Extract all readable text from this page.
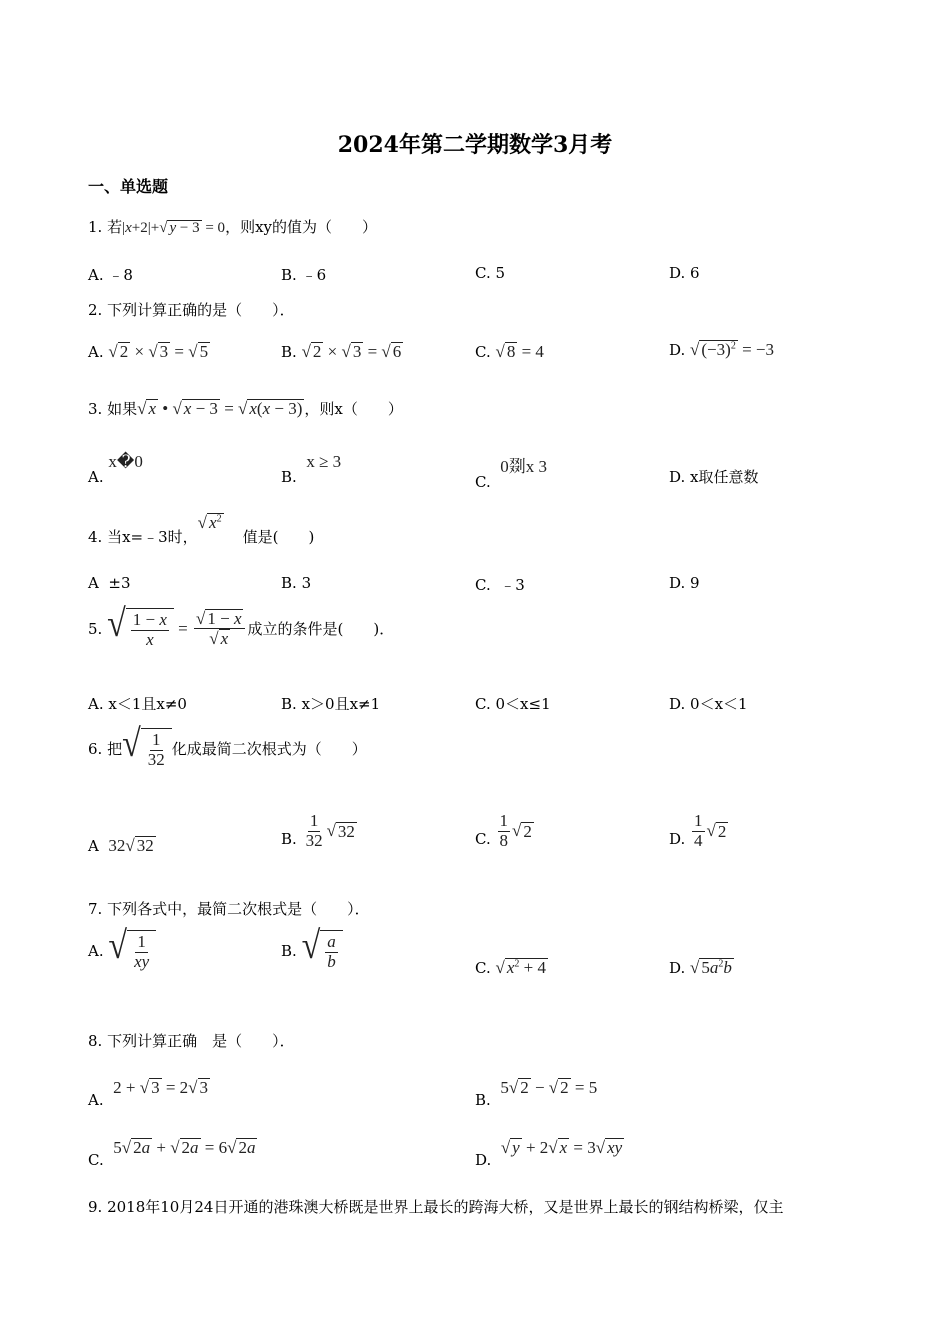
2024年第二学期数学3月考
一、单选题
1. 若|x+2|+√ y − 3 = 0，则xy的值为（　　）
A. ﹣8	B. ﹣6	C. 5	D. 6
2. 下列计算正确的是（　　）．
A. √ 2 × √ 3 = √ 5	B. √ 2 × √ 3 = √ 6	C. √ 8 = 4	D. √ $(-3)^2 = -3$
3. 如果√ x • √ x − 3 = √ x(x − 3) ，则x（　　）
A. x�0
B.  x ≥ 3
C.  0剟x 3
D. x取任意数
4. 当x=﹣3时，√ $x^2$    值是(　　)
A ±3	B. 3	C. ﹣3	D. 9
5.
√ $\frac{1 - x}{x} = \frac{√ 1 - x}{√ x}$ 成立的条件是(　　)．
A. x＜1且x≠0	B. x＞0且x≠1	C. 0＜x≤1	D. 0＜x＜1
6.
把 √ $\frac{1}{32}$ 化成最简二次根式为（　　）
A 32√ 32	B.
$\frac{1}{32}$ √ 32	C.
$\frac{1}{8}$ √ 2	D.
$\frac{1}{4}$ √ 2
7. 下列各式中，最简二次根式是（　　）．
A.
√ $\frac{1}{xy}$	B.
√ $\frac{a}{b}$	C. √ $x^2 + 4$	D. √ $5a^2b$
8. 下列计算正确　是（　　）．
A.  2 + √ 3 = 2√ 3
B.  5√ 2 − √ 2 = 5
C.  5√ 2a + √ 2a = 6√ 2a
D.  √ y + 2√ x = 3√ xy
9. 2018年10月24日开通的港珠澳大桥既是世界上最长的跨海大桥，又是世界上最长的钢结构桥梁，仅主
